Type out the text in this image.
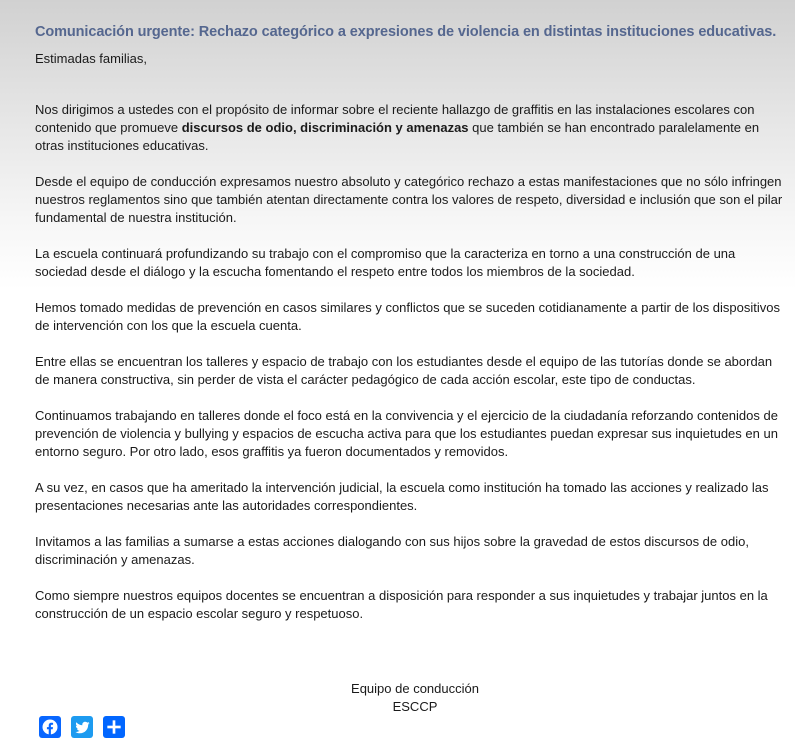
Comunicación urgente: Rechazo categórico a expresiones de violencia en distintas instituciones educativas.

Estimadas familias,

Nos dirigimos a ustedes con el propósito de informar sobre el reciente hallazgo de graffitis en las instalaciones escolares con contenido que promueve discursos de odio, discriminación y amenazas que también se han encontrado paralelamente en otras instituciones educativas.

Desde el equipo de conducción expresamos nuestro absoluto y categórico rechazo a estas manifestaciones que no sólo infringen nuestros reglamentos sino que también atentan directamente contra los valores de respeto, diversidad e inclusión que son el pilar fundamental de nuestra institución.

La escuela continuará profundizando su trabajo con el compromiso que la caracteriza en torno a una construcción de una sociedad desde el diálogo y la escucha fomentando el respeto entre todos los miembros de la sociedad.

Hemos tomado medidas de prevención en casos similares y conflictos que se suceden cotidianamente a partir de los dispositivos de intervención con los que la escuela cuenta.

Entre ellas se encuentran los talleres y espacio de trabajo con los estudiantes desde el equipo de las tutorías donde se abordan de manera constructiva, sin perder de vista el carácter pedagógico de cada acción escolar, este tipo de conductas.

Continuamos trabajando en talleres donde el foco está en la convivencia y el ejercicio de la ciudadanía reforzando contenidos de prevención de violencia y bullying y espacios de escucha activa para que los estudiantes puedan expresar sus inquietudes en un entorno seguro. Por otro lado, esos graffitis ya fueron documentados y removidos.

A su vez, en casos que ha ameritado la intervención judicial, la escuela como institución ha tomado las acciones y realizado las presentaciones necesarias ante las autoridades correspondientes.

Invitamos a las familias a sumarse a estas acciones dialogando con sus hijos sobre la gravedad de estos discursos de odio, discriminación y amenazas.

Como siempre nuestros equipos docentes se encuentran a disposición para responder a sus inquietudes y trabajar juntos en la construcción de un espacio escolar seguro y respetuoso.

Equipo de conducción
ESCCP
